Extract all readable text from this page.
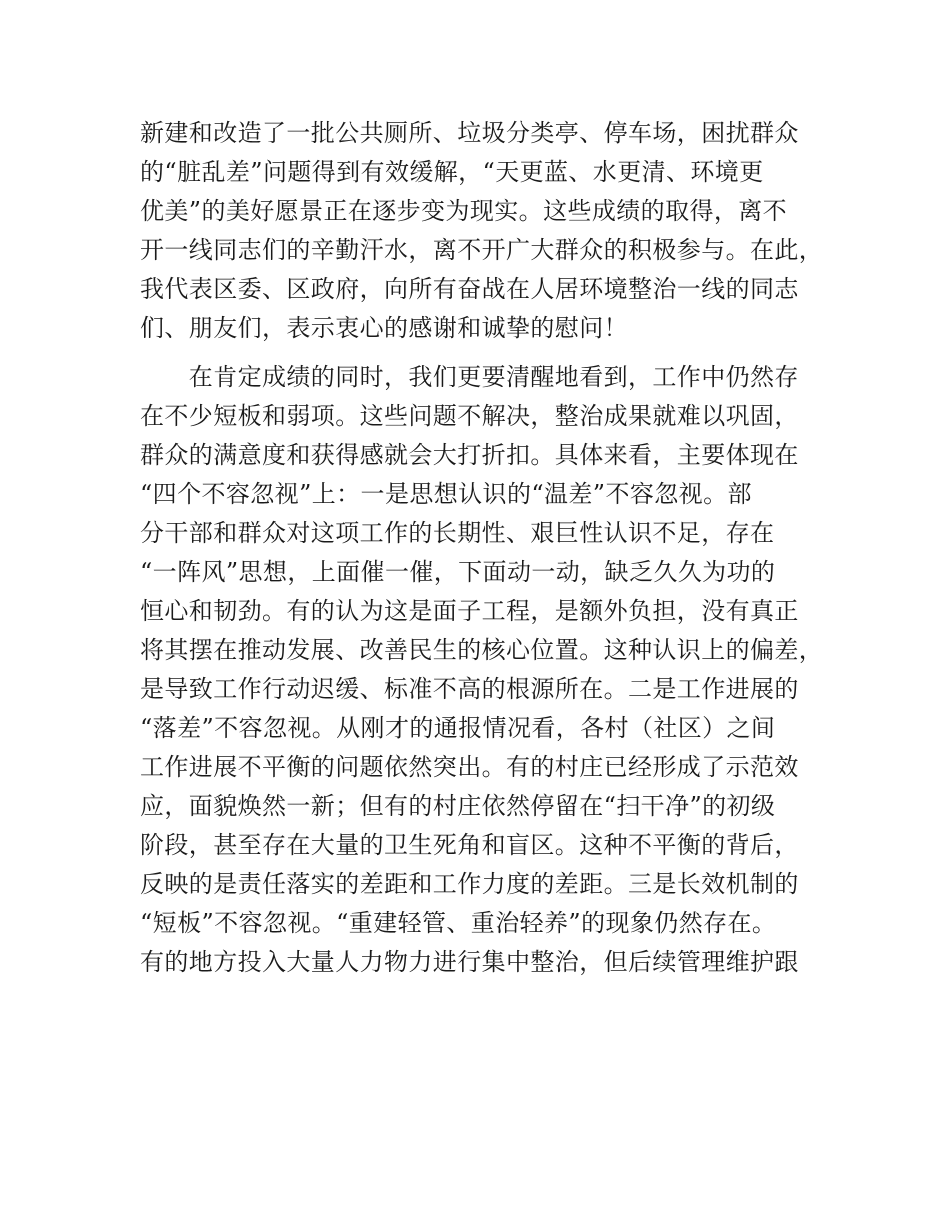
新建和改造了一批公共厕所、垃圾分类亭、停车场，困扰群众
的“脏乱差”问题得到有效缓解，“天更蓝、水更清、环境更
优美”的美好愿景正在逐步变为现实。这些成绩的取得，离不
开一线同志们的辛勤汗水，离不开广大群众的积极参与。在此，
我代表区委、区政府，向所有奋战在人居环境整治一线的同志
们、朋友们，表示衷心的感谢和诚挚的慰问！

　　在肯定成绩的同时，我们更要清醒地看到，工作中仍然存
在不少短板和弱项。这些问题不解决，整治成果就难以巩固，
群众的满意度和获得感就会大打折扣。具体来看，主要体现在
“四个不容忽视”上：一是思想认识的“温差”不容忽视。部
分干部和群众对这项工作的长期性、艰巨性认识不足，存在
“一阵风”思想，上面催一催，下面动一动，缺乏久久为功的
恒心和韧劲。有的认为这是面子工程，是额外负担，没有真正
将其摆在推动发展、改善民生的核心位置。这种认识上的偏差，
是导致工作行动迟缓、标准不高的根源所在。二是工作进展的
“落差”不容忽视。从刚才的通报情况看，各村（社区）之间
工作进展不平衡的问题依然突出。有的村庄已经形成了示范效
应，面貌焕然一新；但有的村庄依然停留在“扫干净”的初级
阶段，甚至存在大量的卫生死角和盲区。这种不平衡的背后，
反映的是责任落实的差距和工作力度的差距。三是长效机制的
“短板”不容忽视。“重建轻管、重治轻养”的现象仍然存在。
有的地方投入大量人力物力进行集中整治，但后续管理维护跟
